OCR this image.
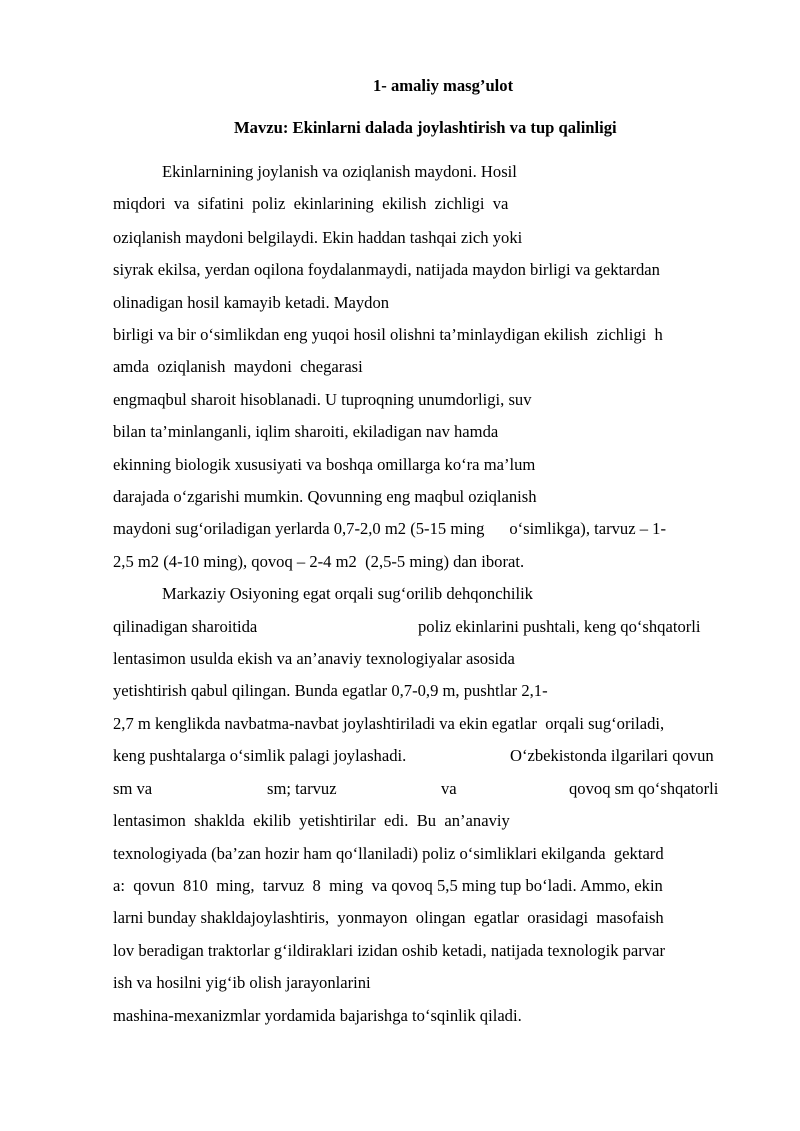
1- amaliy masg’ulot
Mavzu: Ekinlarni dalada joylashtirish va tup qalinligi
Ekinlarnining joylanish va oziqlanish maydoni. Hosil
miqdori  va  sifatini  poliz  ekinlarining  ekilish  zichligi  va
oziqlanish maydoni belgilaydi. Ekin haddan tashqai zich yoki
siyrak ekilsa, yerdan oqilona foydalanmaydi, natijada maydon birligi va gektardan
olinadigan hosil kamayib ketadi. Maydon
birligi va bir o‘simlikdan eng yuqoi hosil olishni ta’minlaydigan ekilish  zichligi  h
amda  oziqlanish  maydoni  chegarasi
engmaqbul sharoit hisoblanadi. U tuproqning unumdorligi, suv
bilan ta’minlanganli, iqlim sharoiti, ekiladigan nav hamda
ekinning biologik xususiyati va boshqa omillarga ko‘ra ma’lum
darajada o‘zgarishi mumkin. Qovunning eng maqbul oziqlanish
maydoni sug‘oriladigan yerlarda 0,7-2,0 m2 (5-15 ming      o‘simlikga), tarvuz – 1-
2,5 m2 (4-10 ming), qovoq – 2-4 m2  (2,5-5 ming) dan iborat.
Markaziy Osiyoning egat orqali sug‘orilib dehqonchilik
qilinadigan sharoitida	poliz ekinlarini pushtali, keng qo‘shqatorli
lentasimon usulda ekish va an’anaviy texnologiyalar asosida
yetishtirish qabul qilingan. Bunda egatlar 0,7-0,9 m, pushtlar 2,1-
2,7 m kenglikda navbatma-navbat joylashtiriladi va ekin egatlar  orqali sug‘oriladi,
keng pushtalarga o‘simlik palagi joylashadi.	O‘zbekistonda ilgarilari qovun
sm va	sm; tarvuz	va	qovoq sm qo‘shqatorli
lentasimon  shaklda  ekilib  yetishtirilar  edi.  Bu  an’anaviy
texnologiyada (ba’zan hozir ham qo‘llaniladi) poliz o‘simliklari ekilganda  gektard
a:  qovun  810  ming,  tarvuz  8  ming  va qovoq 5,5 ming tup bo‘ladi. Ammo, ekin
larni bunday shakldajoylashtiris,  yonmayon  olingan  egatlar  orasidagi  masofaish
lov beradigan traktorlar g‘ildiraklari izidan oshib ketadi, natijada texnologik parvar
ish va hosilni yig‘ib olish jarayonlarini
mashina-mexanizmlar yordamida bajarishga to‘sqinlik qiladi.
